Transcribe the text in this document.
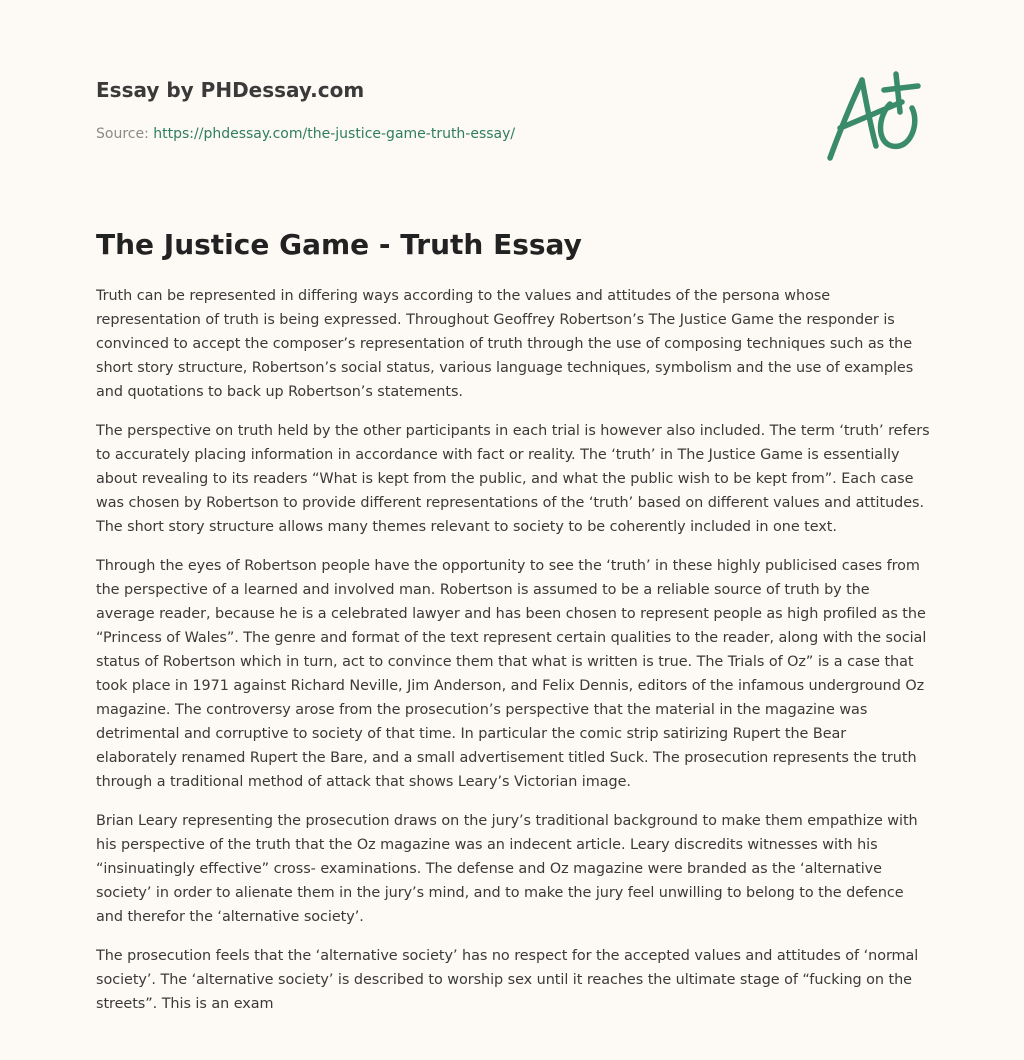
Essay by PHDessay.com
Source: https://phdessay.com/the-justice-game-truth-essay/
The Justice Game - Truth Essay

Truth can be represented in differing ways according to the values and attitudes of the persona whose representation of truth is being expressed. Throughout Geoffrey Robertson’s The Justice Game the responder is convinced to accept the composer’s representation of truth through the use of composing techniques such as the short story structure, Robertson’s social status, various language techniques, symbolism and the use of examples and quotations to back up Robertson’s statements.

The perspective on truth held by the other participants in each trial is however also included. The term ‘truth’ refers to accurately placing information in accordance with fact or reality. The ‘truth’ in The Justice Game is essentially about revealing to its readers “What is kept from the public, and what the public wish to be kept from”. Each case was chosen by Robertson to provide different representations of the ‘truth’ based on different values and attitudes. The short story structure allows many themes relevant to society to be coherently included in one text.

Through the eyes of Robertson people have the opportunity to see the ‘truth’ in these highly publicised cases from the perspective of a learned and involved man. Robertson is assumed to be a reliable source of truth by the average reader, because he is a celebrated lawyer and has been chosen to represent people as high profiled as the “Princess of Wales”. The genre and format of the text represent certain qualities to the reader, along with the social status of Robertson which in turn, act to convince them that what is written is true. The Trials of Oz” is a case that took place in 1971 against Richard Neville, Jim Anderson, and Felix Dennis, editors of the infamous underground Oz magazine. The controversy arose from the prosecution’s perspective that the material in the magazine was detrimental and corruptive to society of that time. In particular the comic strip satirizing Rupert the Bear elaborately renamed Rupert the Bare, and a small advertisement titled Suck. The prosecution represents the truth through a traditional method of attack that shows Leary’s Victorian image.

Brian Leary representing the prosecution draws on the jury’s traditional background to make them empathize with his perspective of the truth that the Oz magazine was an indecent article. Leary discredits witnesses with his “insinuatingly effective” cross- examinations. The defense and Oz magazine were branded as the ‘alternative society’ in order to alienate them in the jury’s mind, and to make the jury feel unwilling to belong to the defence and therefor the ‘alternative society’.

The prosecution feels that the ‘alternative society’ has no respect for the accepted values and attitudes of ‘normal society’. The ‘alternative society’ is described to worship sex until it reaches the ultimate stage of “fucking on the streets”. This is an exam
